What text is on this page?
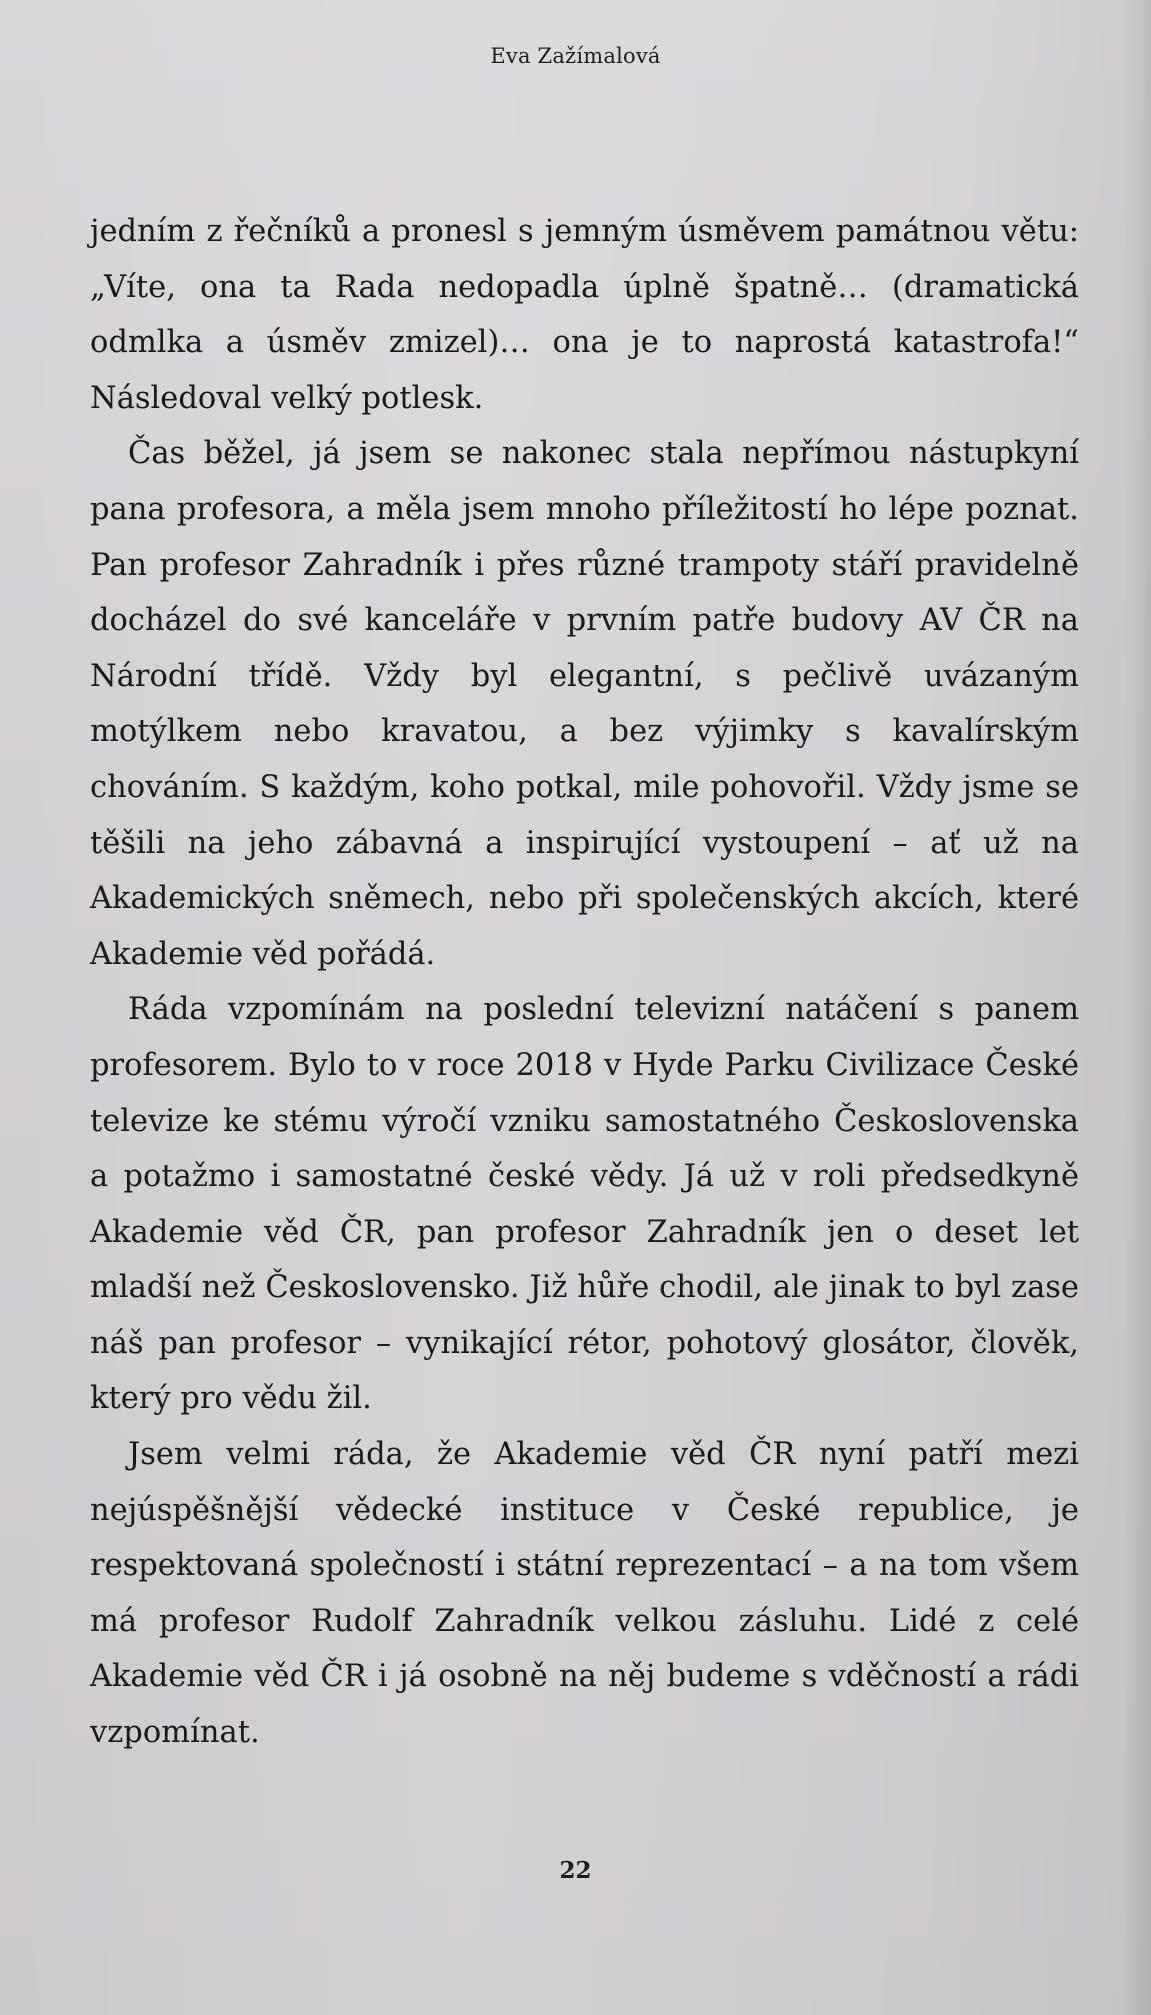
Eva Zažímalová

jedním z řečníků a pronesl s jemným úsměvem památnou větu: „Víte, ona ta Rada nedopadla úplně špatně… (dramatická odmlka a úsměv zmizel)… ona je to naprostá katastrofa!“ Následoval velký potlesk.

Čas běžel, já jsem se nakonec stala nepřímou nástupkyní pana profesora, a měla jsem mnoho příležitostí ho lépe poznat. Pan profesor Zahradník i přes různé trampoty stáří pravidelně docházel do své kanceláře v prvním patře budovy AV ČR na Národní třídě. Vždy byl elegantní, s pečlivě uvázaným motýlkem nebo kravatou, a bez výjimky s kavalírským chováním. S každým, koho potkal, mile pohovořil. Vždy jsme se těšili na jeho zábavná a inspirující vystoupení – ať už na Akademických sněmech, nebo při společenských akcích, které Akademie věd pořádá.

Ráda vzpomínám na poslední televizní natáčení s panem profesorem. Bylo to v roce 2018 v Hyde Parku Civilizace České televize ke stému výročí vzniku samostatného Československa a potažmo i samostatné české vědy. Já už v roli předsedkyně Akademie věd ČR, pan profesor Zahradník jen o deset let mladší než Československo. Již hůře chodil, ale jinak to byl zase náš pan profesor – vynikající rétor, pohotový glosátor, člověk, který pro vědu žil.

Jsem velmi ráda, že Akademie věd ČR nyní patří mezi nejúspěšnější vědecké instituce v České republice, je respektovaná společností i státní reprezentací – a na tom všem má profesor Rudolf Zahradník velkou zásluhu. Lidé z celé Akademie věd ČR i já osobně na něj budeme s vděčností a rádi vzpomínat.

22
